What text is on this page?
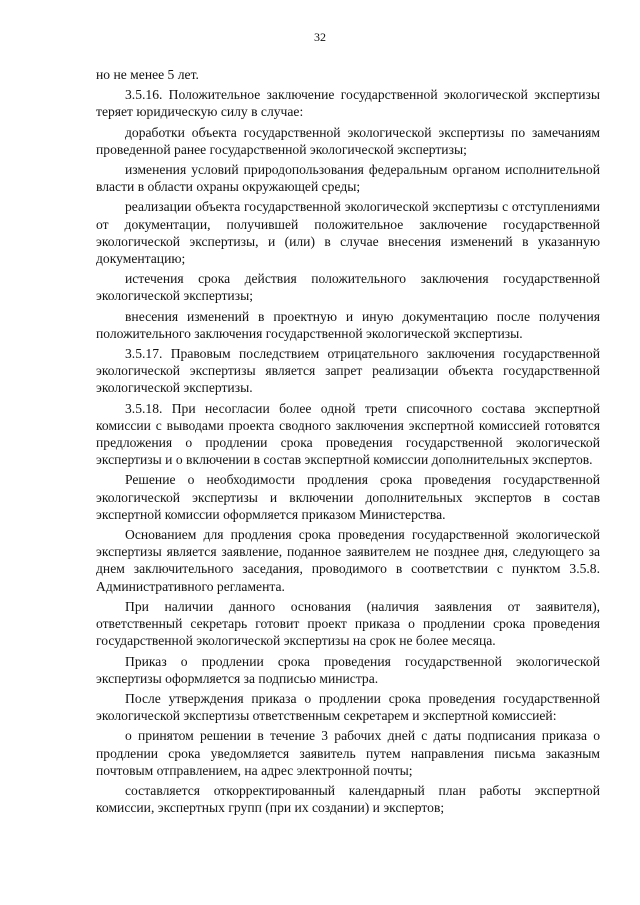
32

но не менее 5 лет.

3.5.16. Положительное заключение государственной экологической экспертизы теряет юридическую силу в случае:

доработки объекта государственной экологической экспертизы по замечаниям проведенной ранее государственной экологической экспертизы;

изменения условий природопользования федеральным органом исполнительной власти в области охраны окружающей среды;

реализации объекта государственной экологической экспертизы с отступлениями от документации, получившей положительное заключение государственной экологической экспертизы, и (или) в случае внесения изменений в указанную документацию;

истечения срока действия положительного заключения государственной экологической экспертизы;

внесения изменений в проектную и иную документацию после получения положительного заключения государственной экологической экспертизы.

3.5.17. Правовым последствием отрицательного заключения государственной экологической экспертизы является запрет реализации объекта государственной экологической экспертизы.

3.5.18. При несогласии более одной трети списочного состава экспертной комиссии с выводами проекта сводного заключения экспертной комиссией готовятся предложения о продлении срока проведения государственной экологической экспертизы и о включении в состав экспертной комиссии дополнительных экспертов.

Решение о необходимости продления срока проведения государственной экологической экспертизы и включении дополнительных экспертов в состав экспертной комиссии оформляется приказом Министерства.

Основанием для продления срока проведения государственной экологической экспертизы является заявление, поданное заявителем не позднее дня, следующего за днем заключительного заседания, проводимого в соответствии с пунктом 3.5.8. Административного регламента.

При наличии данного основания (наличия заявления от заявителя), ответственный секретарь готовит проект приказа о продлении срока проведения государственной экологической экспертизы на срок не более месяца.

Приказ о продлении срока проведения государственной экологической экспертизы оформляется за подписью министра.

После утверждения приказа о продлении срока проведения государственной экологической экспертизы ответственным секретарем и экспертной комиссией:

о принятом решении в течение 3 рабочих дней с даты подписания приказа о продлении срока уведомляется заявитель путем направления письма заказным почтовым отправлением, на адрес электронной почты;

составляется откорректированный календарный план работы экспертной комиссии, экспертных групп (при их создании) и экспертов;
